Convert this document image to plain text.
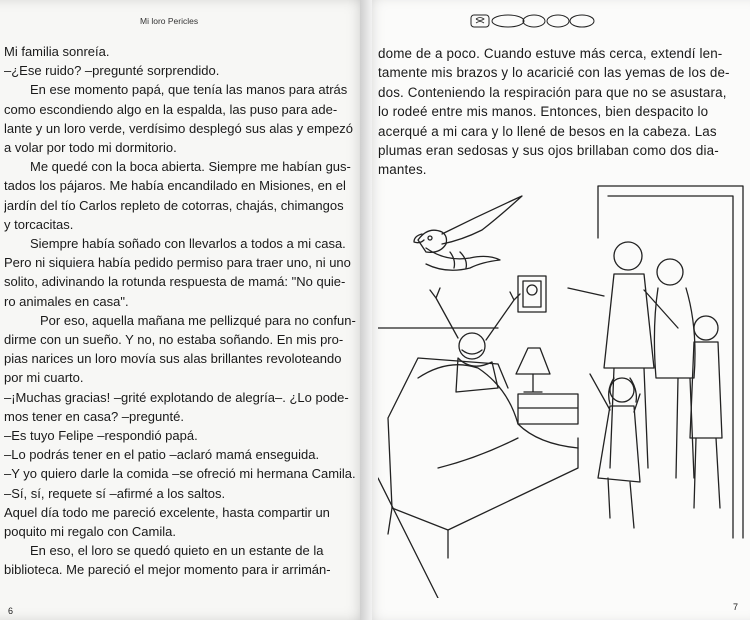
Mi loro Pericles

Mi familia sonreía.

–¿Ese ruido? –pregunté sorprendido.

En ese momento papá, que tenía las manos para atrás

como escondiendo algo en la espalda, las puso para ade-

lante y un loro verde, verdísimo desplegó sus alas y empezó

a volar por todo mi dormitorio.

Me quedé con la boca abierta. Siempre me habían gus-

tados los pájaros. Me había encandilado en Misiones, en el

jardín del tío Carlos repleto de cotorras, chajás, chimangos

y torcacitas.

Siempre había soñado con llevarlos a todos a mi casa.

Pero ni siquiera había pedido permiso para traer uno, ni uno

solito, adivinando la rotunda respuesta de mamá: "No quie-

ro animales en casa".

Por eso, aquella mañana me pellizqué para no confun-

dirme con un sueño. Y no, no estaba soñando. En mis pro-

pias narices un loro movía sus alas brillantes revoloteando

por mi cuarto.

–¡Muchas gracias! –grité explotando de alegría–. ¿Lo pode-

mos tener en casa? –pregunté.

–Es tuyo Felipe –respondió papá.

–Lo podrás tener en el patio –aclaró mamá enseguida.

–Y yo quiero darle la comida –se ofreció mi hermana Camila.

–Sí, sí, requete sí –afirmé a los saltos.

Aquel día todo me pareció excelente, hasta compartir un

poquito mi regalo con Camila.

En eso, el loro se quedó quieto en un estante de la

biblioteca. Me pareció el mejor momento para ir arrimán-

dome de a poco. Cuando estuve más cerca, extendí len-

tamente mis brazos y lo acaricié con las yemas de los de-

dos. Conteniendo la respiración para que no se asustara,

lo rodeé entre mis manos. Entonces, bien despacito lo

acerqué a mi cara y lo llené de besos en la cabeza. Las

plumas eran sedosas y sus ojos brillaban como dos dia-

mantes.

6	7
